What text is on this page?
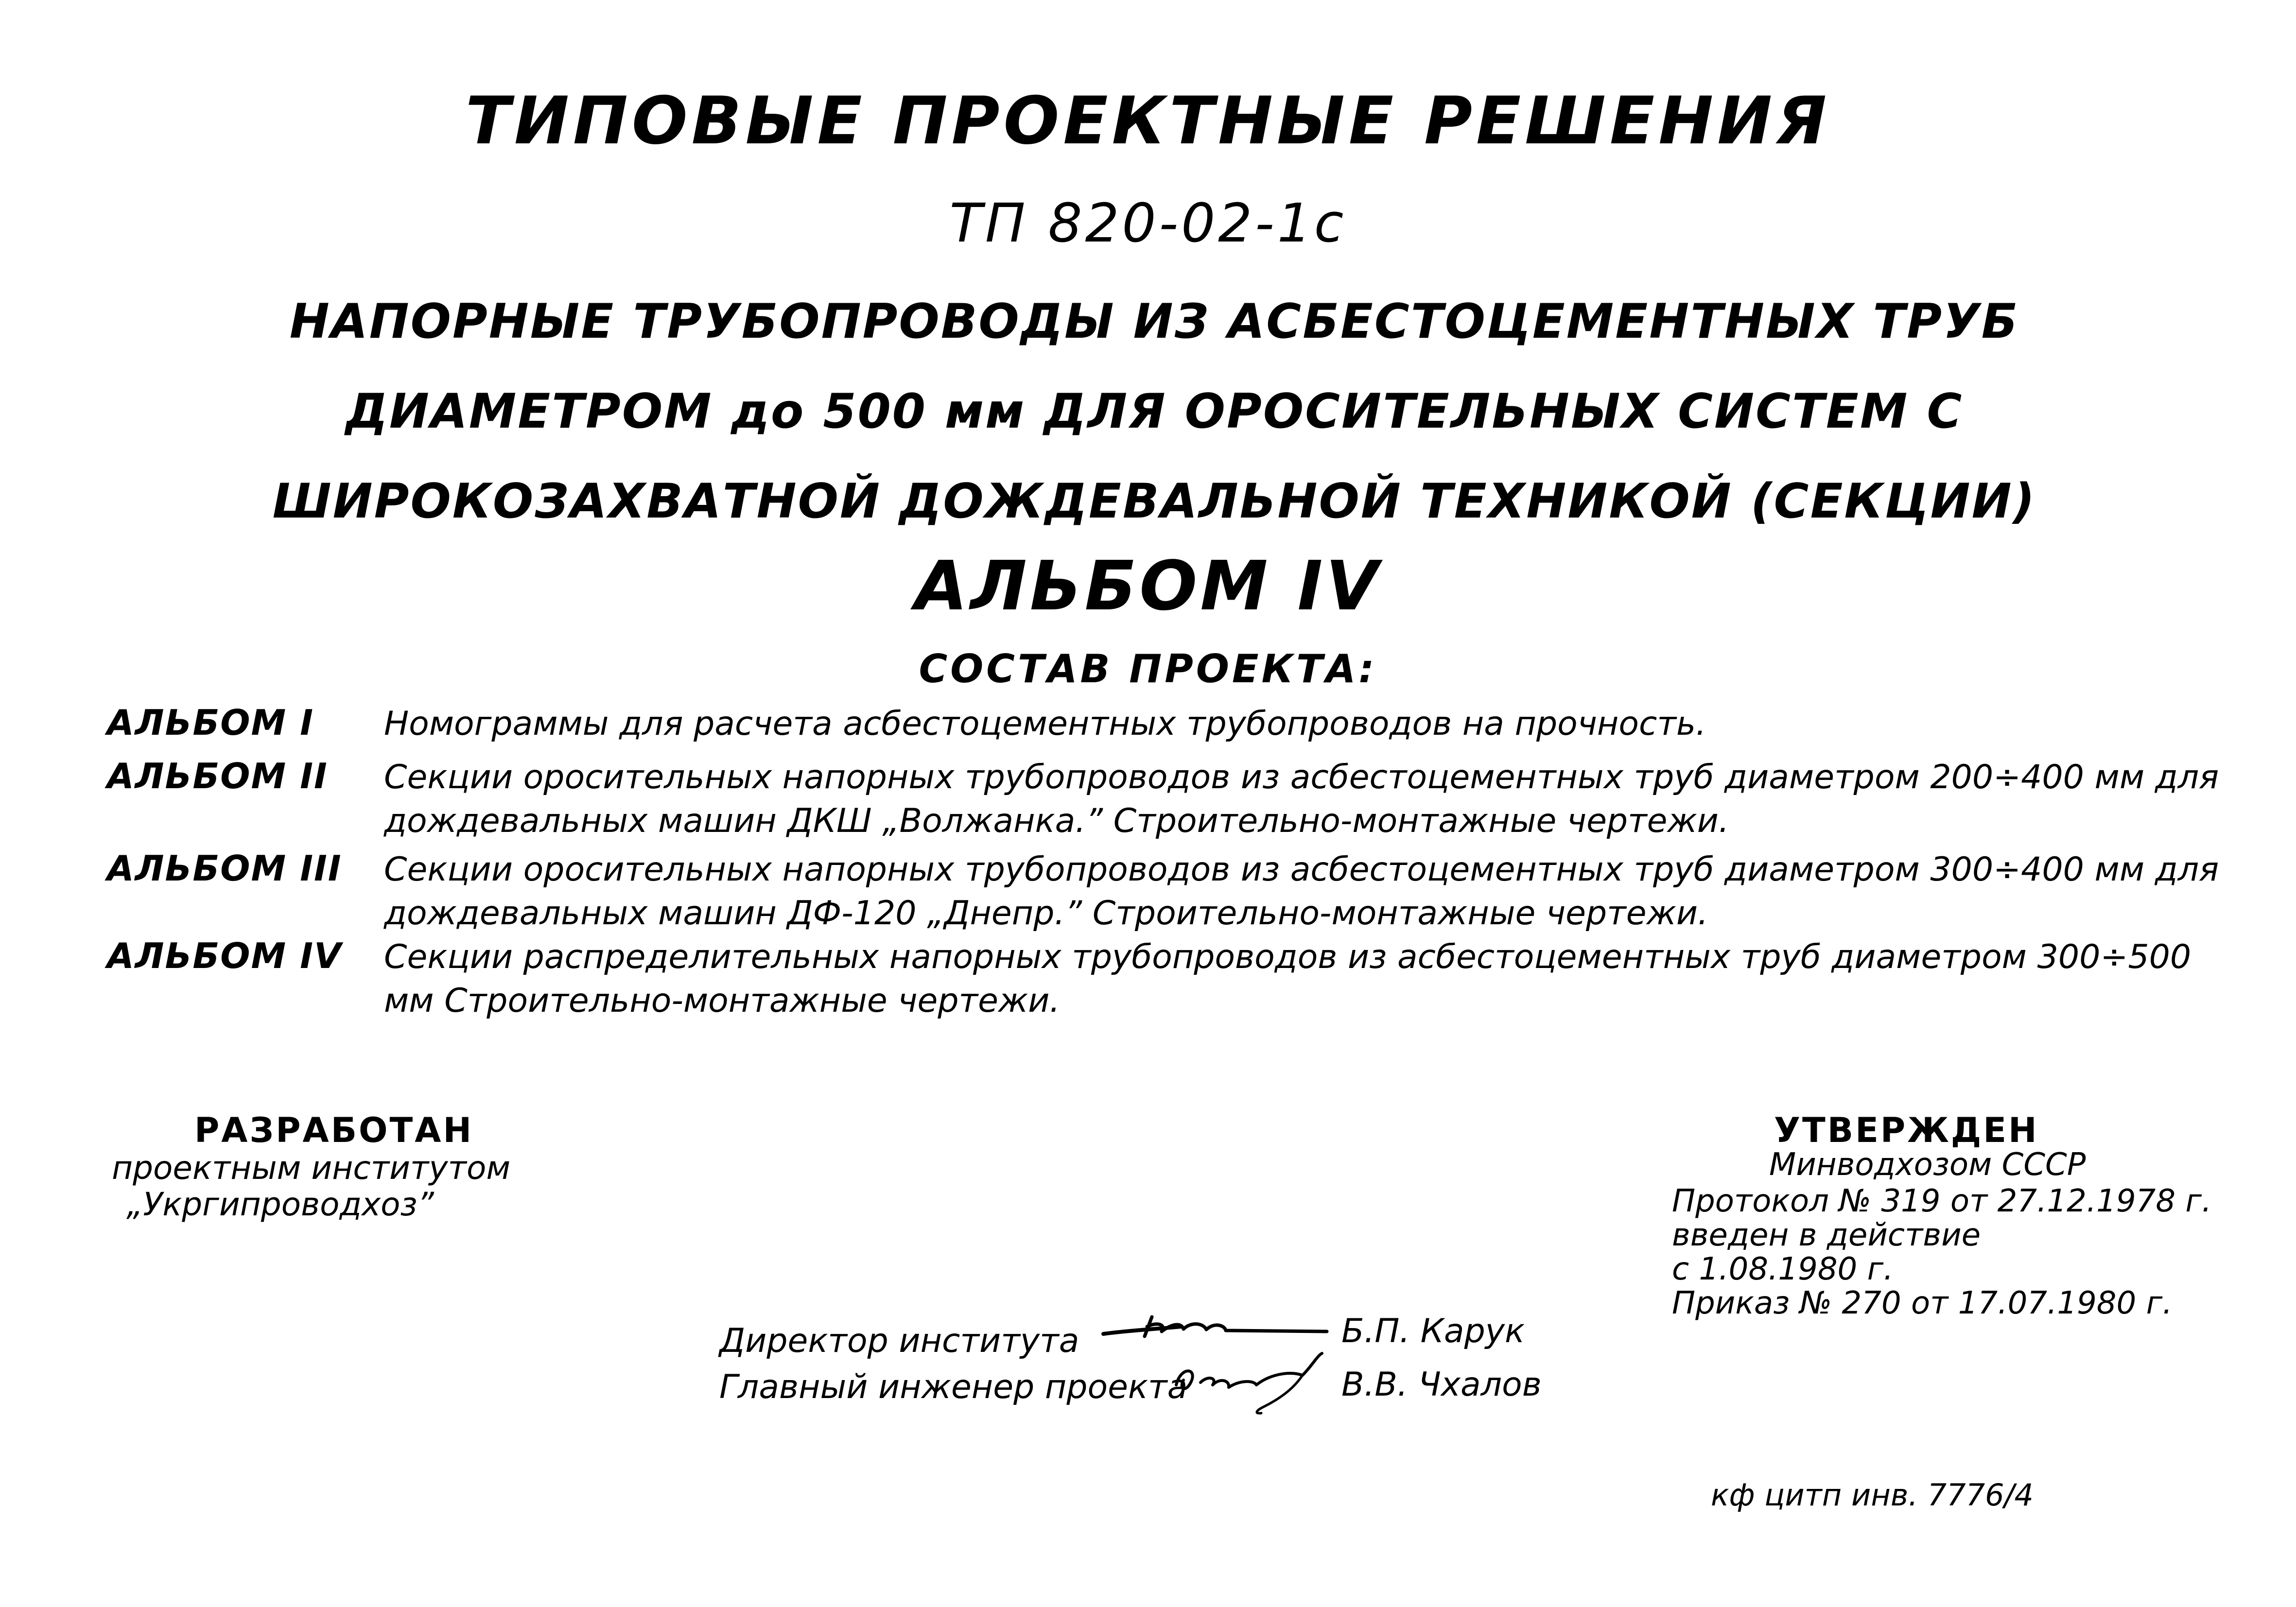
ТИПОВЫЕ ПРОЕКТНЫЕ РЕШЕНИЯ
ТП 820-02-1с
НАПОРНЫЕ ТРУБОПРОВОДЫ ИЗ АСБЕСТОЦЕМЕНТНЫХ ТРУБ ДИАМЕТРОМ до 500 мм ДЛЯ ОРОСИТЕЛЬНЫХ СИСТЕМ С ШИРОКОЗАХВАТНОЙ ДОЖДЕВАЛЬНОЙ ТЕХНИКОЙ (СЕКЦИИ)
АЛЬБОМ IV
СОСТАВ ПРОЕКТА:
АЛЬБОМ I Номограммы для расчета асбестоцементных трубопроводов на прочность.
АЛЬБОМ II Секции оросительных напорных трубопроводов из асбестоцементных труб диаметром 200÷400 мм для дождевальных машин ДКШ „Волжанка.” Строительно-монтажные чертежи.
АЛЬБОМ III Секции оросительных напорных трубопроводов из асбестоцементных труб диаметром 300÷400 мм для дождевальных машин ДФ-120 „Днепр.” Строительно-монтажные чертежи.
АЛЬБОМ IV Секции распределительных напорных трубопроводов из асбестоцементных труб диаметром 300÷500 мм Строительно-монтажные чертежи.
РАЗРАБОТАН
проектным институтом
„Укргипроводхоз”
УТВЕРЖДЕН
Минводхозом СССР
Протокол № 319 от 27.12.1978 г.
введен в действие
с 1.08.1980 г.
Приказ № 270 от 17.07.1980 г.
Директор института	Б.П. Карук
Главный инженер проекта	В.В. Чхалов
кф цитп инв. 7776/4
